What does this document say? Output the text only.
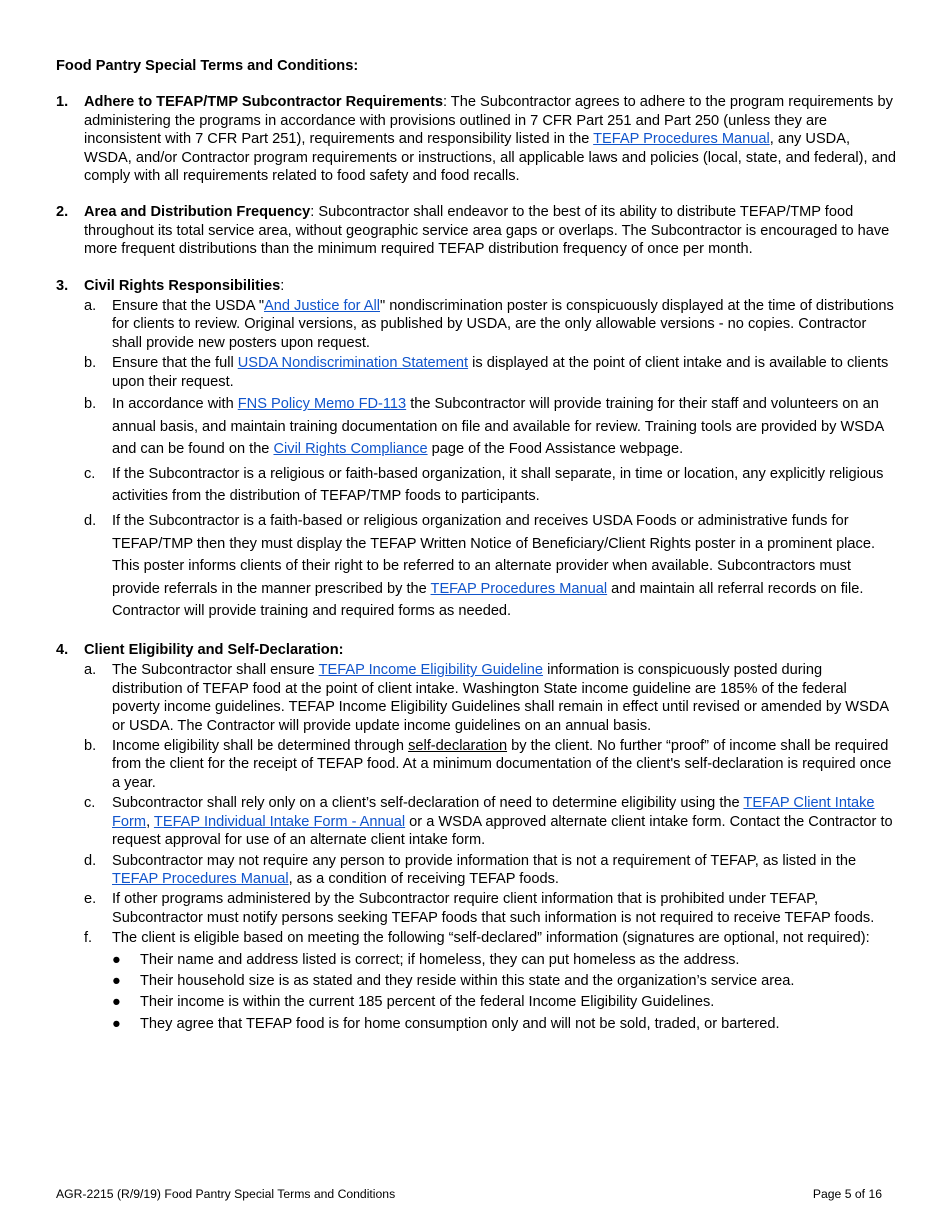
Food Pantry Special Terms and Conditions:
1.	Adhere to TEFAP/TMP Subcontractor Requirements: The Subcontractor agrees to adhere to the program requirements by administering the programs in accordance with provisions outlined in 7 CFR Part 251 and Part 250 (unless they are inconsistent with 7 CFR Part 251), requirements and responsibility listed in the TEFAP Procedures Manual, any USDA, WSDA, and/or Contractor program requirements or instructions, all applicable laws and policies (local, state, and federal), and comply with all requirements related to food safety and food recalls.
2.	Area and Distribution Frequency: Subcontractor shall endeavor to the best of its ability to distribute TEFAP/TMP food throughout its total service area, without geographic service area gaps or overlaps. The Subcontractor is encouraged to have more frequent distributions than the minimum required TEFAP distribution frequency of once per month.
3.	Civil Rights Responsibilities:
a.	Ensure that the USDA "And Justice for All" nondiscrimination poster is conspicuously displayed at the time of distributions for clients to review. Original versions, as published by USDA, are the only allowable versions - no copies. Contractor shall provide new posters upon request.
b.	Ensure that the full USDA Nondiscrimination Statement is displayed at the point of client intake and is available to clients upon their request.
b.	In accordance with FNS Policy Memo FD-113 the Subcontractor will provide training for their staff and volunteers on an annual basis, and maintain training documentation on file and available for review. Training tools are provided by WSDA and can be found on the Civil Rights Compliance page of the Food Assistance webpage.
c.	If the Subcontractor is a religious or faith-based organization, it shall separate, in time or location, any explicitly religious activities from the distribution of TEFAP/TMP foods to participants.
d.	If the Subcontractor is a faith-based or religious organization and receives USDA Foods or administrative funds for TEFAP/TMP then they must display the TEFAP Written Notice of Beneficiary/Client Rights poster in a prominent place. This poster informs clients of their right to be referred to an alternate provider when available. Subcontractors must provide referrals in the manner prescribed by the TEFAP Procedures Manual and maintain all referral records on file. Contractor will provide training and required forms as needed.
4.	Client Eligibility and Self-Declaration:
a.	The Subcontractor shall ensure TEFAP Income Eligibility Guideline information is conspicuously posted during distribution of TEFAP food at the point of client intake. Washington State income guideline are 185% of the federal poverty income guidelines. TEFAP Income Eligibility Guidelines shall remain in effect until revised or amended by WSDA or USDA. The Contractor will provide update income guidelines on an annual basis.
b.	Income eligibility shall be determined through self-declaration by the client. No further “proof” of income shall be required from the client for the receipt of TEFAP food. At a minimum documentation of the client's self-declaration is required once a year.
c.	Subcontractor shall rely only on a client’s self-declaration of need to determine eligibility using the TEFAP Client Intake Form, TEFAP Individual Intake Form - Annual or a WSDA approved alternate client intake form. Contact the Contractor to request approval for use of an alternate client intake form.
d.	Subcontractor may not require any person to provide information that is not a requirement of TEFAP, as listed in the TEFAP Procedures Manual, as a condition of receiving TEFAP foods.
e.	If other programs administered by the Subcontractor require client information that is prohibited under TEFAP, Subcontractor must notify persons seeking TEFAP foods that such information is not required to receive TEFAP foods.
f.	The client is eligible based on meeting the following “self-declared” information (signatures are optional, not required):
●	Their name and address listed is correct; if homeless, they can put homeless as the address.
●	Their household size is as stated and they reside within this state and the organization’s service area.
●	Their income is within the current 185 percent of the federal Income Eligibility Guidelines.
●	They agree that TEFAP food is for home consumption only and will not be sold, traded, or bartered.
AGR-2215 (R/9/19) Food Pantry Special Terms and Conditions	Page 5 of 16
